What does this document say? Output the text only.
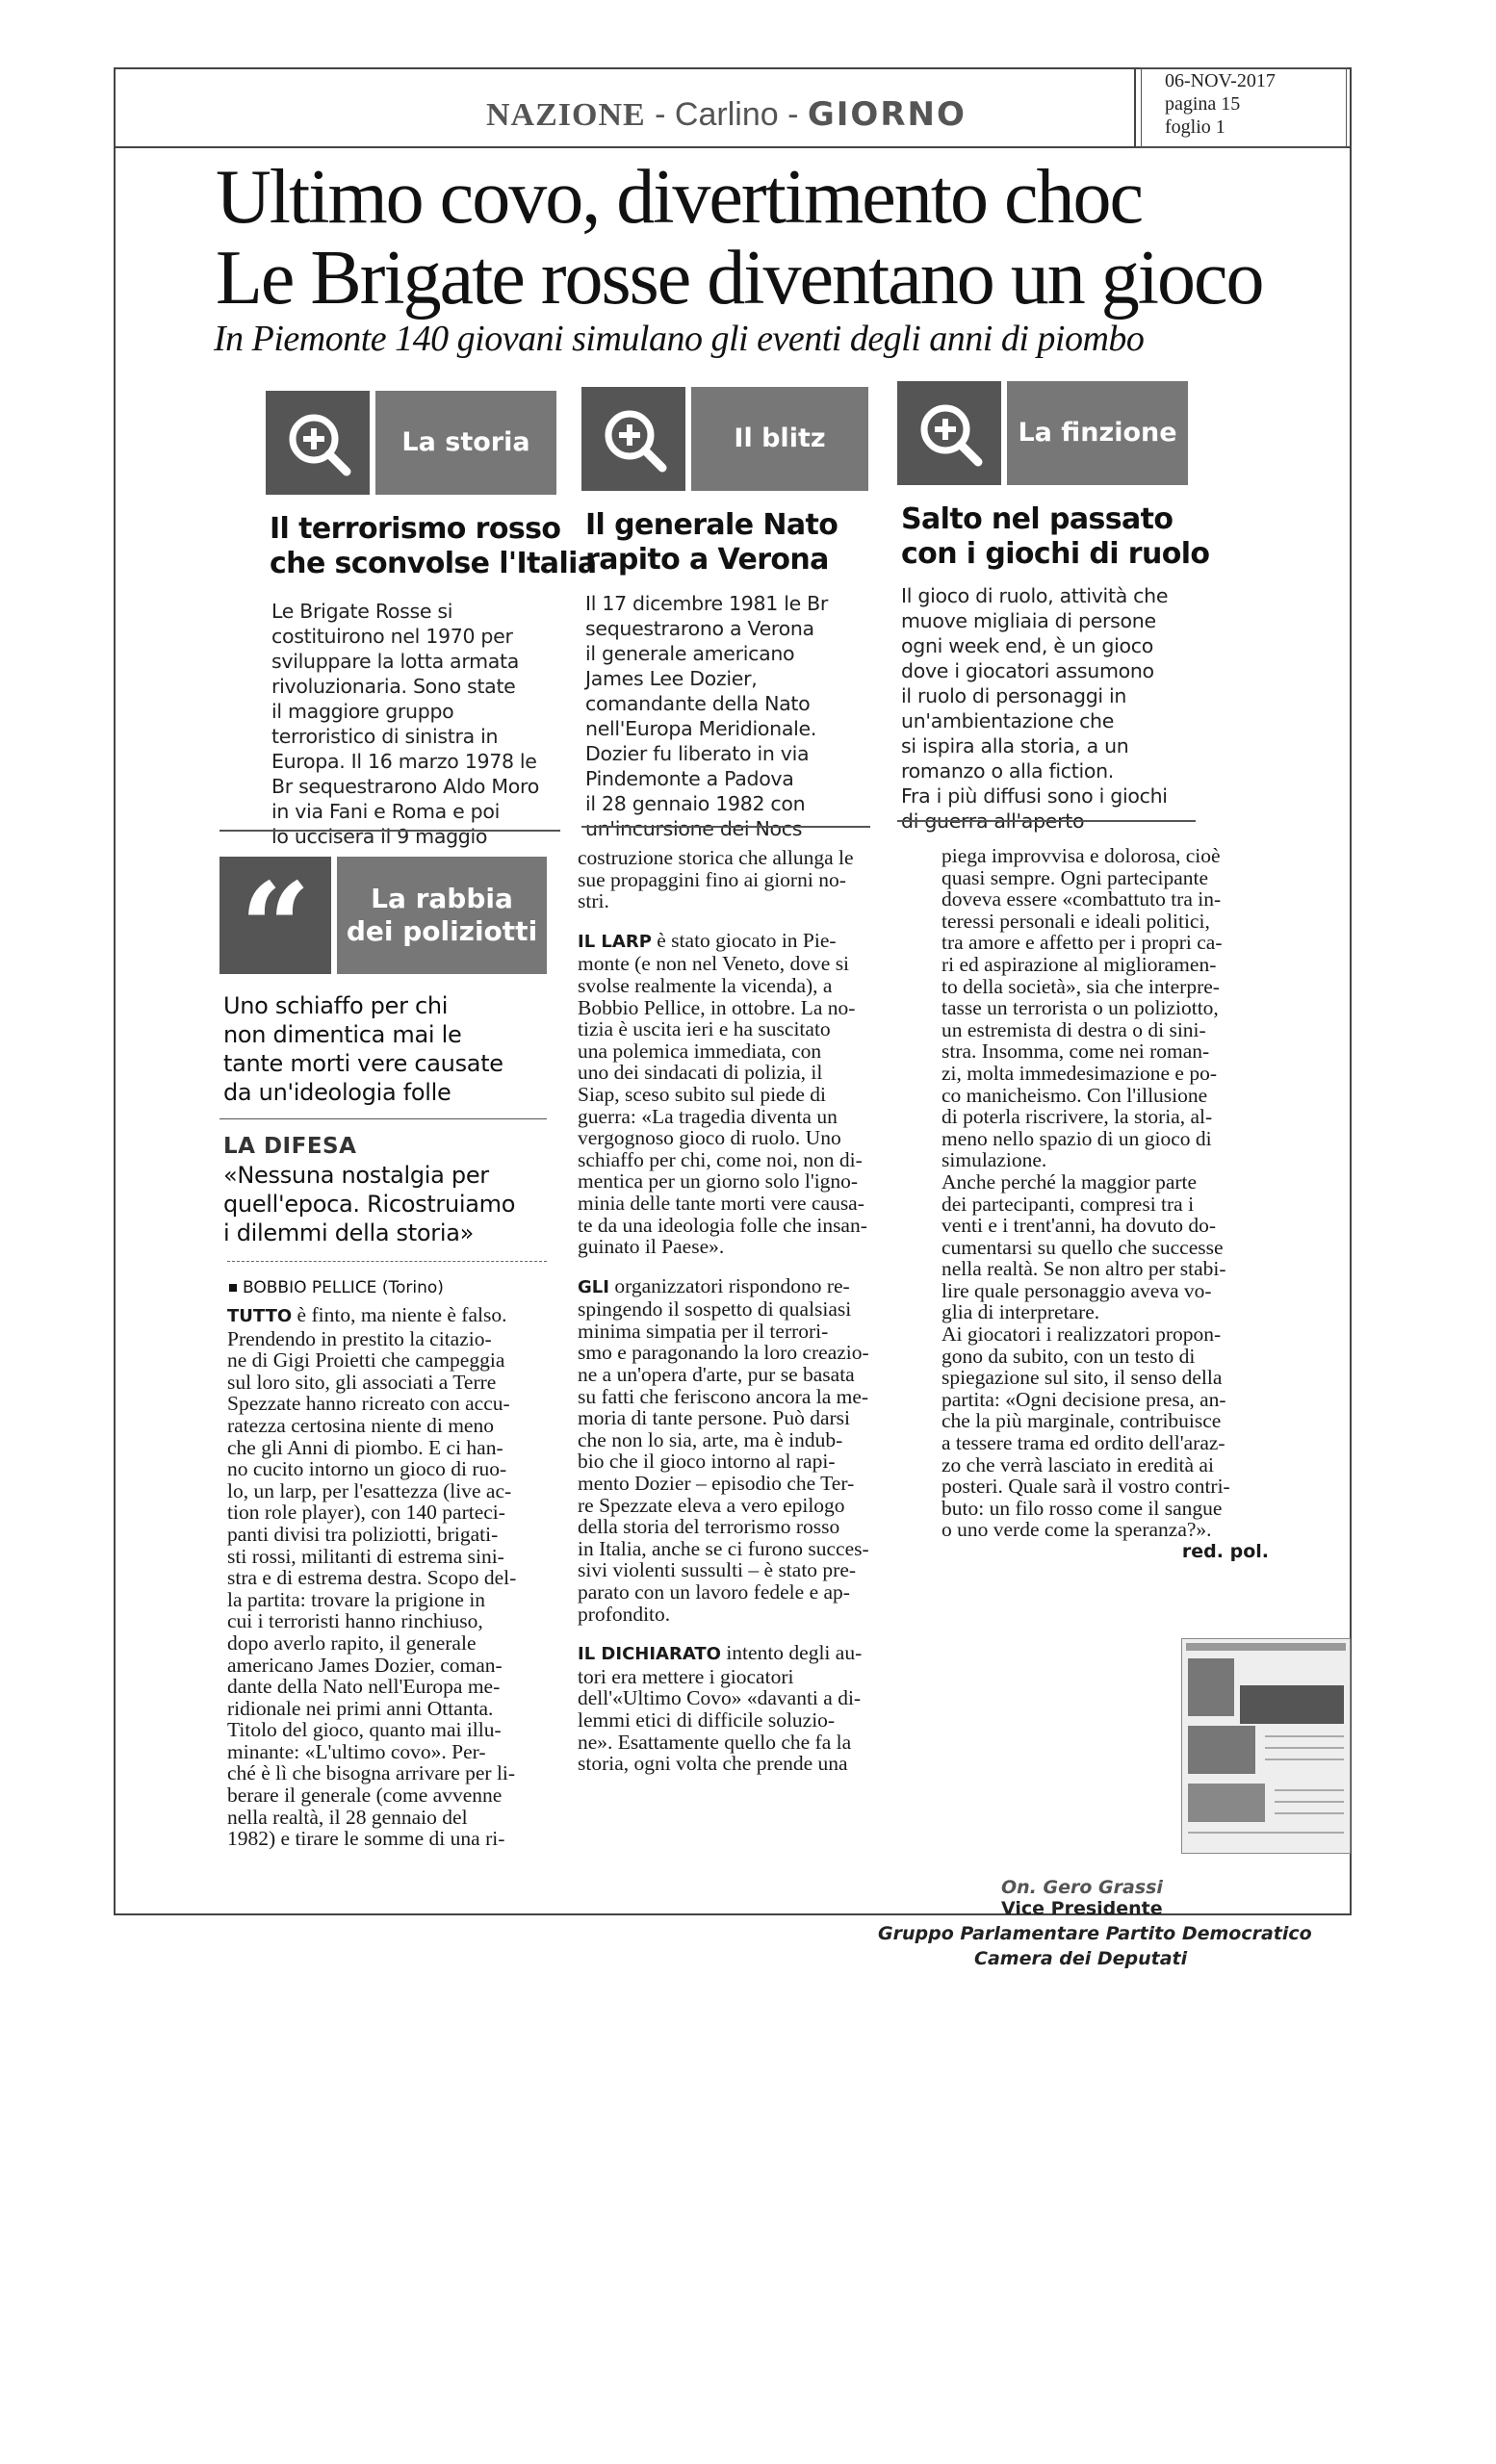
06-NOV-2017
pagina 15
foglio 1
NAZIONE - Carlino - GIORNO
Ultimo covo, divertimento choc
Le Brigate rosse diventano un gioco
In Piemonte 140 giovani simulano gli eventi degli anni di piombo
La storia
Il terrorismo rosso
che sconvolse l'Italia
Le Brigate Rosse si
costituirono nel 1970 per
sviluppare la lotta armata
rivoluzionaria. Sono state
il maggiore gruppo
terroristico di sinistra in
Europa. Il 16 marzo 1978 le
Br sequestrarono Aldo Moro
in via Fani e Roma e poi
lo uccisera il 9 maggio
Il blitz
Il generale Nato
rapito a Verona
Il 17 dicembre 1981 le Br
sequestrarono a Verona
il generale americano
James Lee Dozier,
comandante della Nato
nell'Europa Meridionale.
Dozier fu liberato in via
Pindemonte a Padova
il 28 gennaio 1982 con
un'incursione dei Nocs
La finzione
Salto nel passato
con i giochi di ruolo
Il gioco di ruolo, attività che
muove migliaia di persone
ogni week end, è un gioco
dove i giocatori assumono
il ruolo di personaggi in
un'ambientazione che
si ispira alla storia, a un
romanzo o alla fiction.
Fra i più diffusi sono i giochi
di guerra all'aperto
“	La rabbia
dei poliziotti
Uno schiaffo per chi
non dimentica mai le
tante morti vere causate
da un'ideologia folle
LA DIFESA
«Nessuna nostalgia per
quell'epoca. Ricostruiamo
i dilemmi della storia»
BOBBIO PELLICE (Torino)
TUTTO è finto, ma niente è falso.
Prendendo in prestito la citazio-
ne di Gigi Proietti che campeggia
sul loro sito, gli associati a Terre
Spezzate hanno ricreato con accu-
ratezza certosina niente di meno
che gli Anni di piombo. E ci han-
no cucito intorno un gioco di ruo-
lo, un larp, per l'esattezza (live ac-
tion role player), con 140 parteci-
panti divisi tra poliziotti, brigati-
sti rossi, militanti di estrema sini-
stra e di estrema destra. Scopo del-
la partita: trovare la prigione in
cui i terroristi hanno rinchiuso,
dopo averlo rapito, il generale
americano James Dozier, coman-
dante della Nato nell'Europa me-
ridionale nei primi anni Ottanta.
Titolo del gioco, quanto mai illu-
minante: «L'ultimo covo». Per-
ché è lì che bisogna arrivare per li-
berare il generale (come avvenne
nella realtà, il 28 gennaio del
1982) e tirare le somme di una ri-
costruzione storica che allunga le
sue propaggini fino ai giorni no-
stri.
IL LARP è stato giocato in Pie-
monte (e non nel Veneto, dove si
svolse realmente la vicenda), a
Bobbio Pellice, in ottobre. La no-
tizia è uscita ieri e ha suscitato
una polemica immediata, con
uno dei sindacati di polizia, il
Siap, sceso subito sul piede di
guerra: «La tragedia diventa un
vergognoso gioco di ruolo. Uno
schiaffo per chi, come noi, non di-
mentica per un giorno solo l'igno-
minia delle tante morti vere causa-
te da una ideologia folle che insan-
guinato il Paese».
GLI organizzatori rispondono re-
spingendo il sospetto di qualsiasi
minima simpatia per il terrori-
smo e paragonando la loro creazio-
ne a un'opera d'arte, pur se basata
su fatti che feriscono ancora la me-
moria di tante persone. Può darsi
che non lo sia, arte, ma è indub-
bio che il gioco intorno al rapi-
mento Dozier – episodio che Ter-
re Spezzate eleva a vero epilogo
della storia del terrorismo rosso
in Italia, anche se ci furono succes-
sivi violenti sussulti – è stato pre-
parato con un lavoro fedele e ap-
profondito.
IL DICHIARATO intento degli au-
tori era mettere i giocatori
dell'«Ultimo Covo» «davanti a di-
lemmi etici di difficile soluzio-
ne». Esattamente quello che fa la
storia, ogni volta che prende una
piega improvvisa e dolorosa, cioè
quasi sempre. Ogni partecipante
doveva essere «combattuto tra in-
teressi personali e ideali politici,
tra amore e affetto per i propri ca-
ri ed aspirazione al miglioramen-
to della società», sia che interpre-
tasse un terrorista o un poliziotto,
un estremista di destra o di sini-
stra. Insomma, come nei roman-
zi, molta immedesimazione e po-
co manicheismo. Con l'illusione
di poterla riscrivere, la storia, al-
meno nello spazio di un gioco di
simulazione.
Anche perché la maggior parte
dei partecipanti, compresi tra i
venti e i trent'anni, ha dovuto do-
cumentarsi su quello che successe
nella realtà. Se non altro per stabi-
lire quale personaggio aveva vo-
glia di interpretare.
Ai giocatori i realizzatori propon-
gono da subito, con un testo di
spiegazione sul sito, il senso della
partita: «Ogni decisione presa, an-
che la più marginale, contribuisce
a tessere trama ed ordito dell'araz-
zo che verrà lasciato in eredità ai
posteri. Quale sarà il vostro contri-
buto: un filo rosso come il sangue
o uno verde come la speranza?».
red. pol.
On. Gero Grassi
Vice Presidente
Gruppo Parlamentare Partito Democratico
Camera dei Deputati
